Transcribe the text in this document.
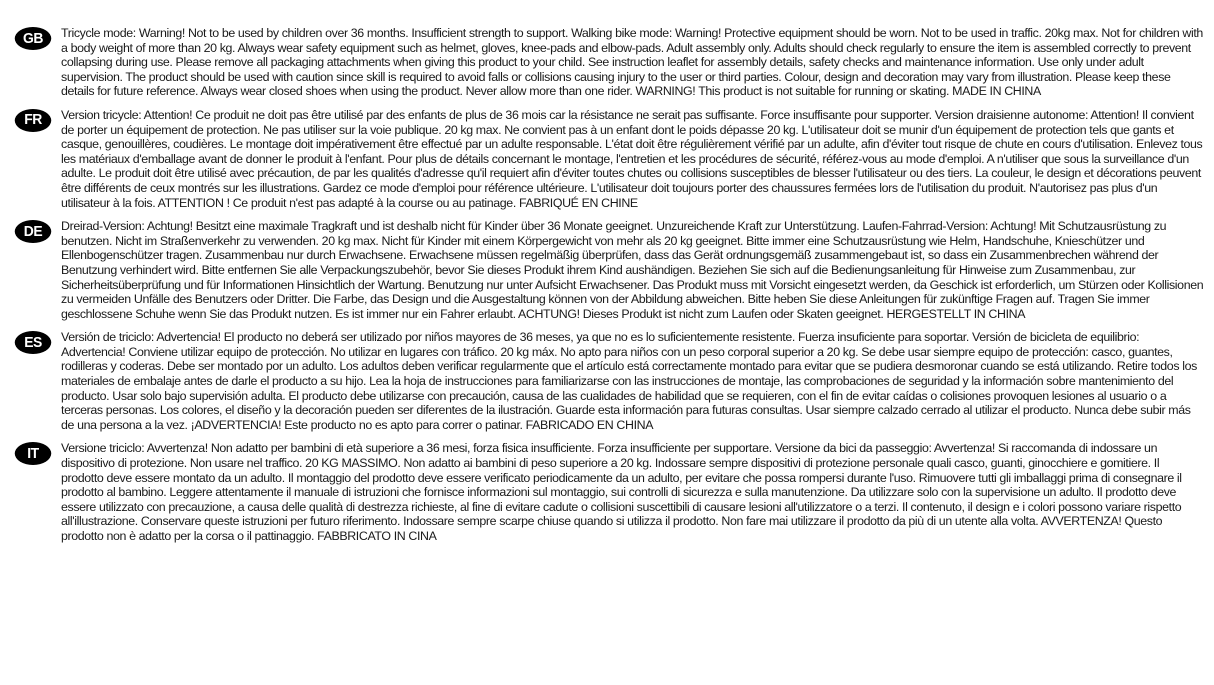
GB	Tricycle mode: Warning! Not to be used by children over 36 months. Insufficient strength to support. Walking bike mode: Warning! Protective equipment should be worn. Not to be used in traffic. 20kg max. Not for children with a body weight of more than 20 kg. Always wear safety equipment such as helmet, gloves, knee-pads and elbow-pads. Adult assembly only. Adults should check regularly to ensure the item is assembled correctly to prevent collapsing during use. Please remove all packaging attachments when giving this product to your child. See instruction leaflet for assembly details, safety checks and maintenance information. Use only under adult supervision. The product should be used with caution since skill is required to avoid falls or collisions causing injury to the user or third parties. Colour, design and decoration may vary from illustration. Please keep these details for future reference. Always wear closed shoes when using the product. Never allow more than one rider. WARNING! This product is not suitable for running or skating. MADE IN CHINA

FR	Version tricycle: Attention! Ce produit ne doit pas être utilisé par des enfants de plus de 36 mois car la résistance ne serait pas suffisante. Force insuffisante pour supporter. Version draisienne autonome: Attention! Il convient de porter un équipement de protection. Ne pas utiliser sur la voie publique. 20 kg max. Ne convient pas à un enfant dont le poids dépasse 20 kg. L'utilisateur doit se munir d'un équipement de protection tels que gants et casque, genouillères, coudières. Le montage doit impérativement être effectué par un adulte responsable. L'état doit être régulièrement vérifié par un adulte, afin d'éviter tout risque de chute en cours d'utilisation. Enlevez tous les matériaux d'emballage avant de donner le produit à l'enfant. Pour plus de détails concernant le montage, l'entretien et les procédures de sécurité, référez-vous au mode d'emploi. A n'utiliser que sous la surveillance d'un adulte. Le produit doit être utilisé avec précaution, de par les qualités d'adresse qu'il requiert afin d'éviter toutes chutes ou collisions susceptibles de blesser l'utilisateur ou des tiers. La couleur, le design et décorations peuvent être différents de ceux montrés sur les illustrations. Gardez ce mode d'emploi pour référence ultérieure. L'utilisateur doit toujours porter des chaussures fermées lors de l'utilisation du produit. N'autorisez pas plus d'un utilisateur à la fois. ATTENTION ! Ce produit n'est pas adapté à la course ou au patinage. FABRIQUÉ EN CHINE

DE	Dreirad-Version: Achtung! Besitzt eine maximale Tragkraft und ist deshalb nicht für Kinder über 36 Monate geeignet. Unzureichende Kraft zur Unterstützung. Laufen-Fahrrad-Version: Achtung! Mit Schutzausrüstung zu benutzen. Nicht im Straßenverkehr zu verwenden. 20 kg max. Nicht für Kinder mit einem Körpergewicht von mehr als 20 kg geeignet. Bitte immer eine Schutzausrüstung wie Helm, Handschuhe, Knieschützer und Ellenbogenschützer tragen. Zusammenbau nur durch Erwachsene. Erwachsene müssen regelmäßig überprüfen, dass das Gerät ordnungsgemäß zusammengebaut ist, so dass ein Zusammenbrechen während der Benutzung verhindert wird. Bitte entfernen Sie alle Verpackungszubehör, bevor Sie dieses Produkt ihrem Kind aushändigen. Beziehen Sie sich auf die Bedienungsanleitung für Hinweise zum Zusammenbau, zur Sicherheitsüberprüfung und für Informationen Hinsichtlich der Wartung. Benutzung nur unter Aufsicht Erwachsener. Das Produkt muss mit Vorsicht eingesetzt werden, da Geschick ist erforderlich, um Stürzen oder Kollisionen zu vermeiden Unfälle des Benutzers oder Dritter. Die Farbe, das Design und die Ausgestaltung können von der Abbildung abweichen. Bitte heben Sie diese Anleitungen für zukünftige Fragen auf. Tragen Sie immer geschlossene Schuhe wenn Sie das Produkt nutzen. Es ist immer nur ein Fahrer erlaubt. ACHTUNG! Dieses Produkt ist nicht zum Laufen oder Skaten geeignet. HERGESTELLT IN CHINA

ES	Versión de triciclo: Advertencia! El producto no deberá ser utilizado por niños mayores de 36 meses, ya que no es lo suficientemente resistente. Fuerza insuficiente para soportar. Versión de bicicleta de equilibrio: Advertencia! Conviene utilizar equipo de protección. No utilizar en lugares con tráfico. 20 kg máx. No apto para niños con un peso corporal superior a 20 kg. Se debe usar siempre equipo de protección: casco, guantes, rodilleras y coderas. Debe ser montado por un adulto. Los adultos deben verificar regularmente que el artículo está correctamente montado para evitar que se pudiera desmoronar cuando se está utilizando. Retire todos los materiales de embalaje antes de darle el producto a su hijo. Lea la hoja de instrucciones para familiarizarse con las instrucciones de montaje, las comprobaciones de seguridad y la información sobre mantenimiento del producto. Usar solo bajo supervisión adulta. El producto debe utilizarse con precaución, causa de las cualidades de habilidad que se requieren, con el fin de evitar caídas o colisiones provoquen lesiones al usuario o a terceras personas. Los colores, el diseño y la decoración pueden ser diferentes de la ilustración. Guarde esta información para futuras consultas. Usar siempre calzado cerrado al utilizar el producto. Nunca debe subir más de una persona a la vez. ¡ADVERTENCIA! Este producto no es apto para correr o patinar. FABRICADO EN CHINA

IT	Versione triciclo: Avvertenza! Non adatto per bambini di età superiore a 36 mesi, forza fisica insufficiente. Forza insufficiente per supportare. Versione da bici da passeggio: Avvertenza! Si raccomanda di indossare un dispositivo di protezione. Non usare nel traffico. 20 KG MASSIMO. Non adatto ai bambini di peso superiore a 20 kg. Indossare sempre dispositivi di protezione personale quali casco, guanti, ginocchiere e gomitiere. Il prodotto deve essere montato da un adulto. Il montaggio del prodotto deve essere verificato periodicamente da un adulto, per evitare che possa rompersi durante l'uso. Rimuovere tutti gli imballaggi prima di consegnare il prodotto al bambino. Leggere attentamente il manuale di istruzioni che fornisce informazioni sul montaggio, sui controlli di sicurezza e sulla manutenzione. Da utilizzare solo con la supervisione un adulto. Il prodotto deve essere utilizzato con precauzione, a causa delle qualità di destrezza richieste, al fine di evitare cadute o collisioni suscettibili di causare lesioni all'utilizzatore o a terzi. Il contenuto, il design e i colori possono variare rispetto all'illustrazione. Conservare queste istruzioni per futuro riferimento. Indossare sempre scarpe chiuse quando si utilizza il prodotto. Non fare mai utilizzare il prodotto da più di un utente alla volta. AVVERTENZA! Questo prodotto non è adatto per la corsa o il pattinaggio. FABBRICATO IN CINA
